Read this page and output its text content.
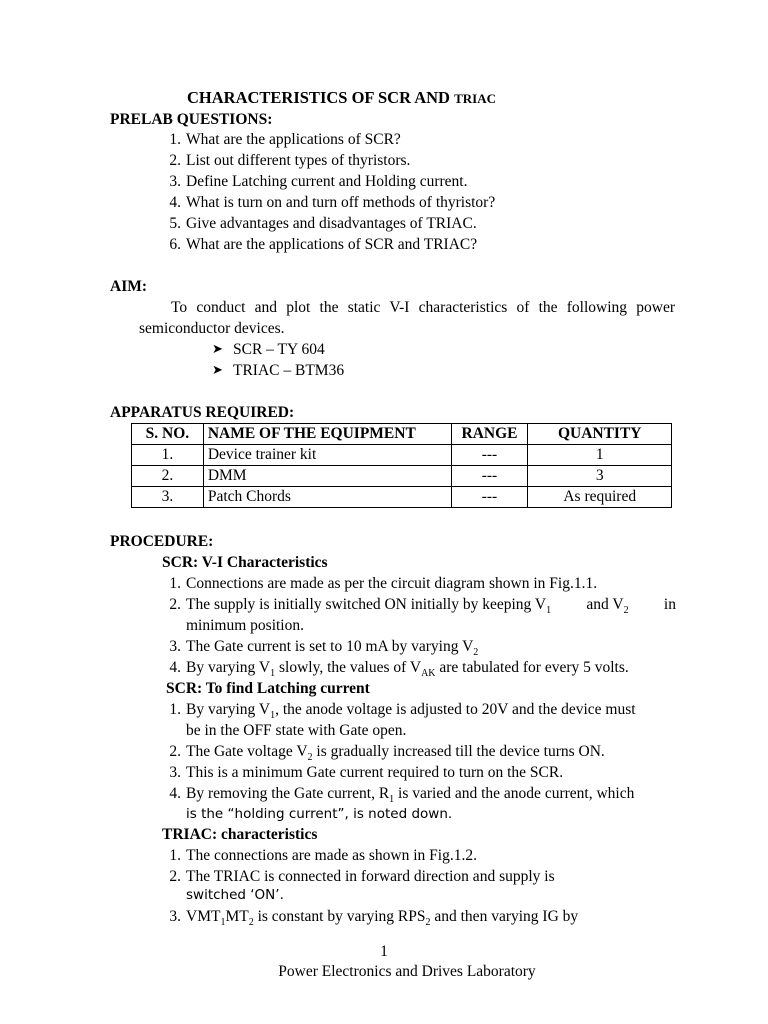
CHARACTERISTICS OF SCR AND TRIAC
PRELAB QUESTIONS:
1. What are the applications of SCR?
2. List out different types of thyristors.
3. Define Latching current and Holding current.
4. What is turn on and turn off methods of thyristor?
5. Give advantages and disadvantages of TRIAC.
6. What are the applications of SCR and TRIAC?
AIM:
To conduct and plot the static V-I characteristics of the following power semiconductor devices.
➤ SCR – TY 604
➤ TRIAC – BTM36
APPARATUS REQUIRED:
S. NO.	NAME OF THE EQUIPMENT	RANGE	QUANTITY
1.	Device trainer kit	---	1
2.	DMM	---	3
3.	Patch Chords	---	As required
PROCEDURE:
SCR: V-I Characteristics
1. Connections are made as per the circuit diagram shown in Fig.1.1.
2. The supply is initially switched ON initially by keeping $V_1$ and $V_2$ in
minimum position.
3. The Gate current is set to 10 mA by varying $V_2$
4. By varying $V_1$ slowly, the values of $V_{AK}$ are tabulated for every 5 volts.
SCR: To find Latching current
1. By varying $V_1$, the anode voltage is adjusted to 20V and the device must
be in the OFF state with Gate open.
2. The Gate voltage $V_2$ is gradually increased till the device turns ON.
3. This is a minimum Gate current required to turn on the SCR.
4. By removing the Gate current, $R_1$ is varied and the anode current, which
is the “holding current”, is noted down.
TRIAC: characteristics
1. The connections are made as shown in Fig.1.2.
2. The TRIAC is connected in forward direction and supply is
switched ‘ON’.
3. $VMT_1MT_2$ is constant by varying $RPS_2$ and then varying IG by
1
Power Electronics and Drives Laboratory
